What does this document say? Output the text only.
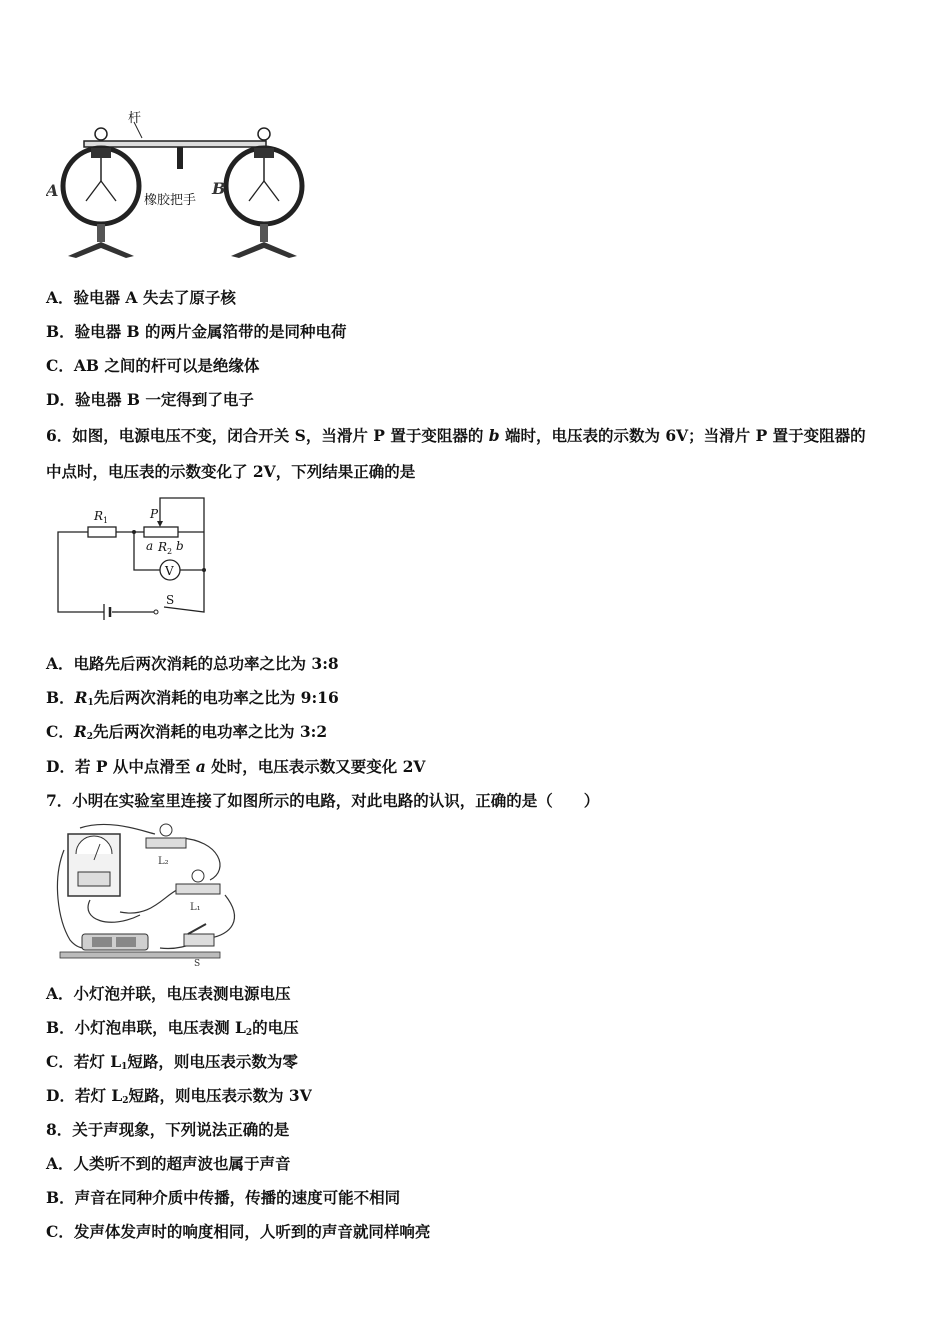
杆
橡胶把手
A	B
A．验电器 A 失去了原子核
B．验电器 B 的两片金属箔带的是同种电荷
C．AB 之间的杆可以是绝缘体
D．验电器 B 一定得到了电子
6．如图，电源电压不变，闭合开关 S，当滑片 P 置于变阻器的 b 端时，电压表的示数为 6V；当滑片 P 置于变阻器的
中点时，电压表的示数变化了 2V，下列结果正确的是
$R_1$	P
a $R_2$ b
V
S
A．电路先后两次消耗的总功率之比为 3:8
B．$R_1$先后两次消耗的电功率之比为 9:16
C．$R_2$先后两次消耗的电功率之比为 3:2
D．若 P 从中点滑至 a 处时，电压表示数又要变化 2V
7．小明在实验室里连接了如图所示的电路，对此电路的认识，正确的是（　　）
L₂
L₁
S
A．小灯泡并联，电压表测电源电压
B．小灯泡串联，电压表测 $L_2$的电压
C．若灯 $L_1$短路，则电压表示数为零
D．若灯 $L_2$短路，则电压表示数为 3V
8．关于声现象，下列说法正确的是
A．人类听不到的超声波也属于声音
B．声音在同种介质中传播，传播的速度可能不相同
C．发声体发声时的响度相同，人听到的声音就同样响亮
